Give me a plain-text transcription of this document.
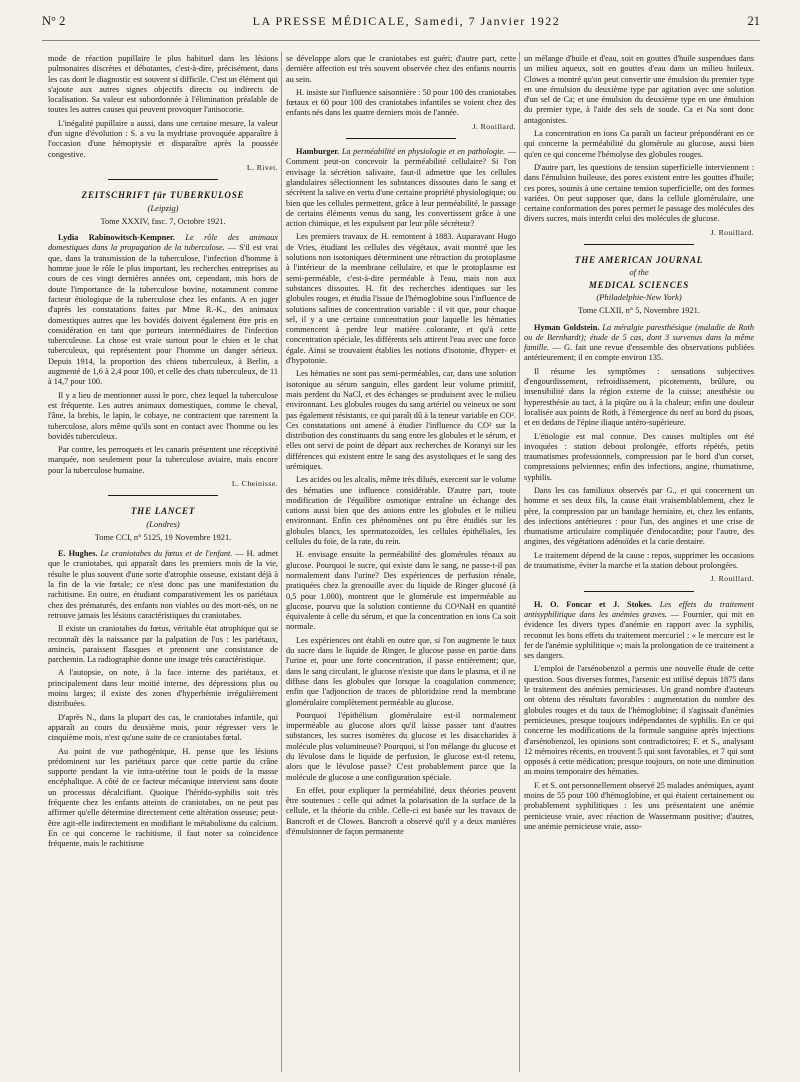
N° 2	LA PRESSE MÉDICALE, Samedi, 7 Janvier 1922	21

mode de réaction pupillaire le plus habituel dans les lésions pulmonaires discrètes et débutantes, c'est-à-dire, précisément, dans les cas dont le diagnostic est souvent si difficile. C'est un élément qui s'ajoute aux autres signes objectifs directs ou indirects de localisation. Sa valeur est subordonnée à l'élimination préalable de toutes les autres causes qui peuvent provoquer l'anisocorie.

L'inégalité pupillaire a aussi, dans une certaine mesure, la valeur d'un signe d'évolution : S. a vu la mydriase provoquée apparaître à l'occasion d'une hémoptysie et disparaître après la poussée congestive.

L. Rivet.

ZEITSCHRIFT für TUBERKULOSE

(Leipzig)

Tome XXXIV, fasc. 7, Octobre 1921.

Lydia Rabinowitsch-Kempner. Le rôle des animaux domestiques dans la propagation de la tuberculose. — S'il est vrai que, dans la transmission de la tuberculose, l'infection d'homme à homme joue le rôle le plus important, les recherches entreprises au cours de ces vingt dernières années ont, cependant, mis hors de doute l'importance de la tuberculose bovine, notamment comme facteur étiologique de la tuberculose chez les enfants. A en juger d'après les constatations faites par Mme R.-K., des animaux domestiques autres que les bovidés doivent également être pris en considération en tant que porteurs intermédiaires de l'infection tuberculeuse. La chose est vraie surtout pour le chien et le chat tuberculeux, qui représentent pour l'homme un danger sérieux. Depuis 1914, la proportion des chiens tuberculeux, à Berlin, a augmenté de 1,6 à 2,4 pour 100, et celle des chats tuberculeux, de 11 à 14,7 pour 100.

Il y a lieu de mentionner aussi le porc, chez lequel la tuberculose est fréquente. Les autres animaux domestiques, comme le cheval, l'âne, la brebis, le lapin, le cobaye, ne contractent que rarement la tuberculose, alors même qu'ils sont en contact avec l'homme ou les bovidés tuberculeux.

Par contre, les perroquets et les canaris présentent une réceptivité marquée, non seulement pour la tuberculose aviaire, mais encore pour la tuberculose humaine.

L. Cheinisse.

THE LANCET

(Londres)

Tome CCI, n° 5125, 19 Novembre 1921.

E. Hughes. Le craniotabes du fœtus et de l'enfant. — H. admet que le craniotabes, qui apparaît dans les premiers mois de la vie, résulte le plus souvent d'une sorte d'atrophie osseuse, existant déjà à la fin de la vie fœtale; ce n'est donc pas une manifestation du rachitisme. En outre, en étudiant comparativement les os pariétaux chez des prématurés, des enfants non viables ou des mort-nés, on ne retrouve jamais les lésions caractéristiques du craniotabes.

Il existe un craniotabes du fœtus, véritable état atrophique qui se reconnaît dès la naissance par la palpation de l'os : les pariétaux, amincis, paraissent flasques et prennent une consistance de parchemin. La radiographie donne une image très caractéristique.

A l'autopsie, on note, à la face interne des pariétaux, et principalement dans leur moitié interne, des dépressions plus ou moins larges; il existe des zones d'hyperhémie irrégulièrement distribuées.

D'après N., dans la plupart des cas, le craniotabes infantile, qui apparaît au cours du deuxième mois, pour régresser vers le cinquième mois, n'est qu'une suite de ce craniotabes fœtal.

Au point de vue pathogénique, H. pense que les lésions prédominent sur les pariétaux parce que cette partie du crâne supporte pendant la vie intra-utérine tout le poids de la masse encéphalique. A côté de ce facteur mécanique intervient sans doute un processus décalcifiant. Quoique l'hérédo-syphilis soit très fréquente chez les enfants atteints de craniotabes, on ne peut pas affirmer qu'elle détermine directement cette altération osseuse; peut-être agit-elle indirectement en modifiant le métabolisme du calcium. En ce qui concerne le rachitisme, il faut noter sa coïncidence fréquente, mais le rachitisme

se développe alors que le craniotabes est guéri; d'autre part, cette dernière affection est très souvent observée chez des enfants nourris au sein.

H. insiste sur l'influence saisonnière : 50 pour 100 des craniotabes fœtaux et 60 pour 100 des craniotabes infantiles se voient chez des enfants nés dans les quatre derniers mois de l'année.

J. Rouillard.

Hamburger. La perméabilité en physiologie et en pathologie. — Comment peut-on concevoir la perméabilité cellulaire? Si l'on envisage la sécrétion salivaire, faut-il admettre que les cellules glandulaires sélectionnent les substances dissoutes dans le sang et sécrètent la salive en vertu d'une certaine propriété physiologique; ou bien que les cellules permettent, grâce à leur perméabilité, le passage de certains éléments venus du sang, les convertissent grâce à une action chimique, et les expulsent par leur pôle sécréteur?

Les premiers travaux de H. remontent à 1883. Auparavant Hugo de Vries, étudiant les cellules des végétaux, avait montré que les solutions non isotoniques déterminent une rétraction du protoplasme à l'intérieur de la membrane cellulaire, et que le protoplasme est semi-perméable, c'est-à-dire perméable à l'eau, mais non aux substances dissoutes. H. fit des recherches identiques sur les globules rouges, et étudia l'issue de l'hémoglobine sous l'influence de solutions salines de concentration variable : il vit que, pour chaque sel, il y a une certaine concentration pour laquelle les hématies commencent à perdre leur matière colorante, et qu'à cette concentration spéciale, les différents sels attirent l'eau avec une force égale. Ainsi se trouvaient établies les notions d'isotonie, d'hyper- et d'hypotonie.

Les hématies ne sont pas semi-perméables, car, dans une solution isotonique au sérum sanguin, elles gardent leur volume primitif, mais perdent du NaCl, et des échanges se produisent avec le milieu environnant. Les globules rouges du sang artériel ou veineux ne sont pas également résistants, ce qui paraît dû à la teneur variable en CO². Ces constatations ont amené à étudier l'influence du CO² sur la distribution des constituants du sang entre les globules et le sérum, et elles ont servi de point de départ aux recherches de Koranyi sur les différences qui existent entre le sang des asystoliques et le sang des urémiques.

Les acides ou les alcalis, même très dilués, exercent sur le volume des hématies une influence considérable. D'autre part, toute modification de l'équilibre osmotique entraîne un échange des cations aussi bien que des anions entre les globules et le milieu environnant. Enfin ces phénomènes ont pu être étudiés sur les globules blancs, les spermatozoïdes, les cellules épithéliales, les cellules du foie, de la rate, du rein.

H. envisage ensuite la perméabilité des glomérules rénaux au glucose. Pourquoi le sucre, qui existe dans le sang, ne passe-t-il pas normalement dans l'urine? Des expériences de perfusion rénale, pratiquées chez la grenouille avec du liquide de Ringer glucosé (à 0,5 pour 1.000), montrent que le glomérule est imperméable au glucose, pourvu que la solution contienne du CO³NaH en quantité équivalente à celle du sérum, et que la concentration en ions Ca soit normale.

Les expériences ont établi en outre que, si l'on augmente le taux du sucre dans le liquide de Ringer, le glucose passe en partie dans l'urine et, pour une forte concentration, il passe entièrement; que, dans le sang circulant, le glucose n'existe que dans le plasma, et il ne diffuse dans les globules que lorsque la coagulation commence; enfin que l'adjonction de traces de phloridzine rend la membrane glomérulaire complètement perméable au glucose.

Pourquoi l'épithélium glomérulaire est-il normalement imperméable au glucose alors qu'il laisse passer tant d'autres substances, les sucres isomères du glucose et les disaccharides à molécule plus volumineuse? Pourquoi, si l'on mélange du glucose et du lévulose dans le liquide de perfusion, le glucose est-il retenu, alors que le lévulose passe? C'est probablement parce que la molécule de glucose a une configuration spéciale.

En effet, pour expliquer la perméabilité, deux théories peuvent être soutenues : celle qui admet la polarisation de la surface de la cellule, et la théorie du crible. Celle-ci est basée sur les travaux de Bancroft et de Clowes. Bancroft a observé qu'il y a deux manières d'émulsionner de façon permanente

un mélange d'huile et d'eau, soit en gouttes d'huile suspendues dans un milieu aqueux, soit en gouttes d'eau dans un milieu huileux. Clowes a montré qu'on peut convertir une émulsion du premier type en une émulsion du deuxième type par agitation avec une solution d'un sel de Ca; et une émulsion du deuxième type en une émulsion du premier type, à l'aide des sels de soude. Ca et Na sont donc antagonistes.

La concentration en ions Ca paraît un facteur prépondérant en ce qui concerne la perméabilité du glomérule au glucose, aussi bien qu'en ce qui concerne l'hémolyse des globules rouges.

D'autre part, les questions de tension superficielle interviennent : dans l'émulsion huileuse, des pores existent entre les gouttes d'huile; ces pores, soumis à une certaine tension superficielle, ont des formes variées. On peut supposer que, dans la cellule glomérulaire, une certaine conformation des pores permet le passage des molécules des divers sucres, mais interdit celui des molécules de glucose.

J. Rouillard.

THE AMERICAN JOURNAL

of the

MEDICAL SCIENCES

(Philadelphie-New York)

Tome CLXII, n° 5, Novembre 1921.

Hyman Goldstein. La méralgie paresthésique (maladie de Roth ou de Bernhardt); étude de 5 cas, dont 3 survenus dans la même famille. — G. fait une revue d'ensemble des observations publiées antérieurement; il en compte environ 135.

Il résume les symptômes : sensations subjectives d'engourdissement, refroidissement, picotements, brûlure, ou insensibilité dans la région externe de la cuisse; anesthésie ou hyperesthésie au tact, à la piqûre ou à la chaleur; enfin une douleur localisée aux points de Roth, à l'émergence du nerf au bord du psoas, et en dedans de l'épine iliaque antéro-supérieure.

L'étiologie est mal connue. Des causes multiples ont été invoquées : station debout prolongée, efforts répétés, petits traumatismes professionnels, compression par le bord d'un corset, compressions pelviennes; enfin des infections, angine, rhumatisme, syphilis.

Dans les cas familiaux observés par G., et qui concernent un homme et ses deux fils, la cause était vraisemblablement, chez le père, la compression par un bandage herniaire, et, chez les enfants, des infections antérieures : pour l'un, des angines et une crise de rhumatisme articulaire compliquée d'endocardite; pour l'autre, des angines, des végétations adénoïdes et la carie dentaire.

Le traitement dépend de la cause : repos, supprimer les occasions de traumatisme, éviter la marche et la station debout prolongées.

J. Rouillard.

H. O. Foncar et J. Stokes. Les effets du traitement antisyphilitique dans les anémies graves. — Fournier, qui mit en évidence les divers types d'anémie en rapport avec la syphilis, reconnut les bons effets du traitement mercuriel : « le mercure est le fer de l'anémie syphilitique »; mais la prolongation de ce traitement a ses dangers.

L'emploi de l'arsénobenzol a permis une nouvelle étude de cette question. Sous diverses formes, l'arsenic est utilisé depuis 1875 dans le traitement des anémies pernicieuses. Un grand nombre d'auteurs ont obtenu des résultats favorables : augmentation du nombre des globules rouges et du taux de l'hémoglobine; il s'agissait d'anémies pernicieuses, presque toujours indépendantes de syphilis. En ce qui concerne les modifications de la formule sanguine après injections d'arsénobenzol, les opinions sont contradictoires; F. et S., analysant 12 mémoires récents, en trouvent 5 qui sont favorables, et 7 qui sont opposés à cette médication; presque toujours, on note une diminution au moins temporaire des hématies.

F. et S. ont personnellement observé 25 malades anémiques, ayant moins de 55 pour 100 d'hémoglobine, et qui étaient certainement ou probablement syphilitiques : les uns présentaient une anémie pernicieuse vraie, avec réaction de Wassermann positive; d'autres, une anémie pernicieuse vraie, asso-
